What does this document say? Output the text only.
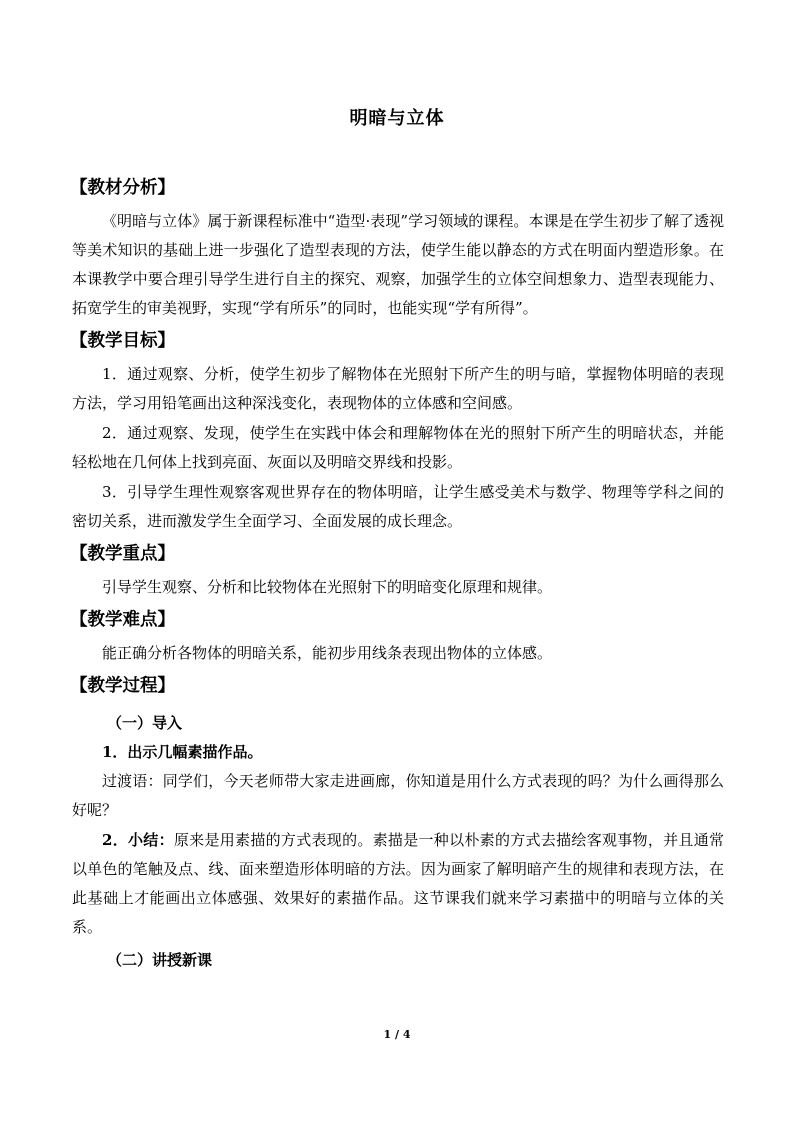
明暗与立体
【教材分析】

《明暗与立体》属于新课程标准中“造型·表现”学习领域的课程。本课是在学生初步了解了透视等美术知识的基础上进一步强化了造型表现的方法，使学生能以静态的方式在明面内塑造形象。在本课教学中要合理引导学生进行自主的探究、观察，加强学生的立体空间想象力、造型表现能力、拓宽学生的审美视野，实现“学有所乐”的同时，也能实现“学有所得”。

【教学目标】

1．通过观察、分析，使学生初步了解物体在光照射下所产生的明与暗，掌握物体明暗的表现方法，学习用铅笔画出这种深浅变化，表现物体的立体感和空间感。

2．通过观察、发现，使学生在实践中体会和理解物体在光的照射下所产生的明暗状态，并能轻松地在几何体上找到亮面、灰面以及明暗交界线和投影。

3．引导学生理性观察客观世界存在的物体明暗，让学生感受美术与数学、物理等学科之间的密切关系，进而激发学生全面学习、全面发展的成长理念。

【教学重点】

引导学生观察、分析和比较物体在光照射下的明暗变化原理和规律。

【教学难点】

能正确分析各物体的明暗关系，能初步用线条表现出物体的立体感。

【教学过程】

（一）导入

1．出示几幅素描作品。

过渡语：同学们，今天老师带大家走进画廊，你知道是用什么方式表现的吗？为什么画得那么好呢？

2．小结：原来是用素描的方式表现的。素描是一种以朴素的方式去描绘客观事物，并且通常以单色的笔触及点、线、面来塑造形体明暗的方法。因为画家了解明暗产生的规律和表现方法，在此基础上才能画出立体感强、效果好的素描作品。这节课我们就来学习素描中的明暗与立体的关系。

（二）讲授新课

1 / 4
